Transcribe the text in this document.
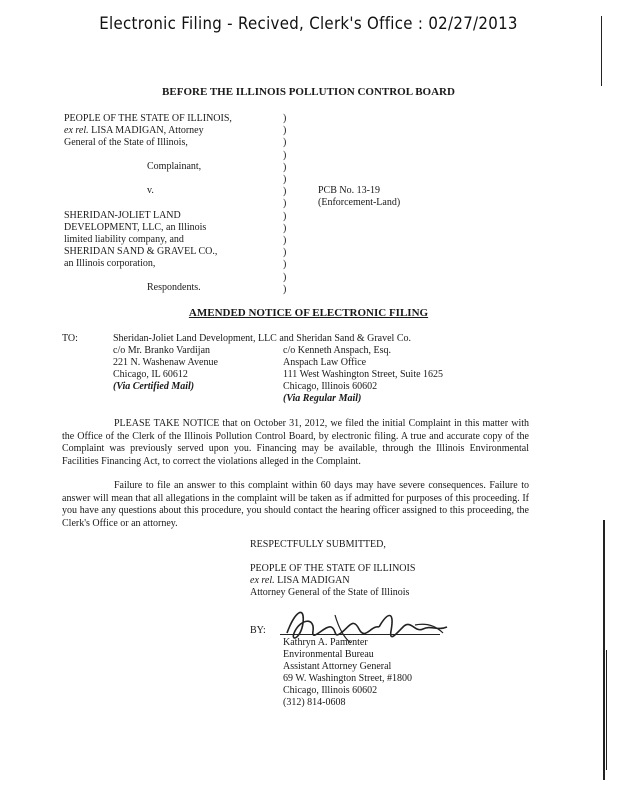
Electronic Filing - Recived, Clerk's Office : 02/27/2013
BEFORE THE ILLINOIS POLLUTION CONTROL BOARD
PEOPLE OF THE STATE OF ILLINOIS,
ex rel. LISA MADIGAN, Attorney
General of the State of Illinois,
Complainant,
v.	PCB No. 13-19
(Enforcement-Land)
SHERIDAN-JOLIET LAND
DEVELOPMENT, LLC, an Illinois
limited liability company, and
SHERIDAN SAND & GRAVEL CO.,
an Illinois corporation,
Respondents.
)
)
)
)
)
)
)
)
)
)
)
)
)
)
)
AMENDED NOTICE OF ELECTRONIC FILING
TO:	Sheridan-Joliet Land Development, LLC and Sheridan Sand & Gravel Co.
c/o Mr. Branko Vardijan
221 N. Washenaw Avenue
Chicago, IL 60612
(Via Certified Mail)
c/o Kenneth Anspach, Esq.
Anspach Law Office
111 West Washington Street, Suite 1625
Chicago, Illinois 60602
(Via Regular Mail)
PLEASE TAKE NOTICE that on October 31, 2012, we filed the initial Complaint in this matter with the Office of the Clerk of the Illinois Pollution Control Board, by electronic filing. A true and accurate copy of the Complaint was previously served upon you. Financing may be available, through the Illinois Environmental Facilities Financing Act, to correct the violations alleged in the Complaint.
Failure to file an answer to this complaint within 60 days may have severe consequences. Failure to answer will mean that all allegations in the complaint will be taken as if admitted for purposes of this proceeding. If you have any questions about this procedure, you should contact the hearing officer assigned to this proceeding, the Clerk's Office or an attorney.
RESPECTFULLY SUBMITTED,
PEOPLE OF THE STATE OF ILLINOIS
ex rel. LISA MADIGAN
Attorney General of the State of Illinois
BY:
Kathryn A. Pamenter
Environmental Bureau
Assistant Attorney General
69 W. Washington Street, #1800
Chicago, Illinois 60602
(312) 814-0608
